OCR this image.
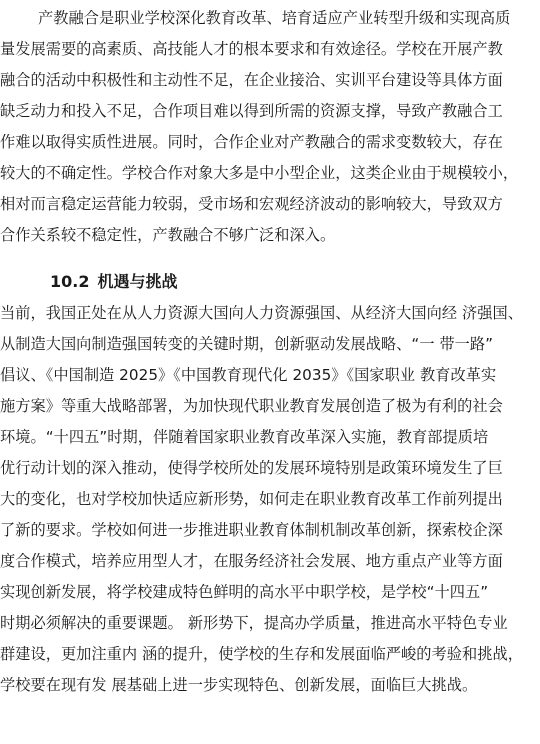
产教融合是职业学校深化教育改革、培育适应产业转型升级和实现高质
量发展需要的高素质、高技能人才的根本要求和有效途径。学校在开展产教
融合的活动中积极性和主动性不足，在企业接洽、实训平台建设等具体方面
缺乏动力和投入不足，合作项目难以得到所需的资源支撑，导致产教融合工
作难以取得实质性进展。同时，合作企业对产教融合的需求变数较大，存在
较大的不确定性。学校合作对象大多是中小型企业，这类企业由于规模较小，
相对而言稳定运营能力较弱，受市场和宏观经济波动的影响较大，导致双方
合作关系较不稳定性，产教融合不够广泛和深入。
10.2 机遇与挑战
当前，我国正处在从人力资源大国向人力资源强国、从经济大国向经 济强国、
从制造大国向制造强国转变的关键时期，创新驱动发展战略、“一 带一路”
倡议、《中国制造 2025》《中国教育现代化 2035》《国家职业 教育改革实
施方案》等重大战略部署，为加快现代职业教育发展创造了极为有利的社会
环境。“十四五”时期，伴随着国家职业教育改革深入实施，教育部提质培
优行动计划的深入推动，使得学校所处的发展环境特别是政策环境发生了巨
大的变化，也对学校加快适应新形势，如何走在职业教育改革工作前列提出
了新的要求。学校如何进一步推进职业教育体制机制改革创新，探索校企深
度合作模式，培养应用型人才，在服务经济社会发展、地方重点产业等方面
实现创新发展，将学校建成特色鲜明的高水平中职学校，是学校“十四五”
时期必须解决的重要课题。 新形势下，提高办学质量，推进高水平特色专业
群建设，更加注重内 涵的提升，使学校的生存和发展面临严峻的考验和挑战，
学校要在现有发 展基础上进一步实现特色、创新发展，面临巨大挑战。
